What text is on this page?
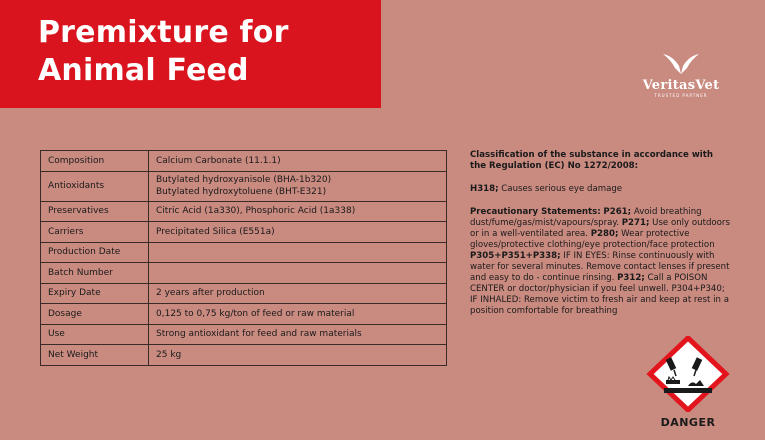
Premixture for
Animal Feed	VeritasVet
TRUSTED PARTNER
Composition	Calcium Carbonate (11.1.1)
Antioxidants	Butylated hydroxyanisole (BHA-1b320)
Butylated hydroxytoluene (BHT-E321)

Preservatives	Citric Acid (1a330), Phosphoric Acid (1a338)
Carriers	Precipitated Silica (E551a)
Production Date	
Batch Number	
Expiry Date	2 years after production
Dosage	0,125 to 0,75 kg/ton of feed or raw material
Use	Strong antioxidant for feed and raw materials
Net Weight	25 kg
Classification of the substance in accordance with the Regulation (EC) No 1272/2008:
H318; Causes serious eye damage
Precautionary Statements: P261; Avoid breathing dust/fume/gas/mist/vapours/spray. P271; Use only outdoors or in a well-ventilated area. P280; Wear protective gloves/protective clothing/eye protection/face protection P305+P351+P338; IF IN EYES: Rinse continuously with water for several minutes. Remove contact lenses if present and easy to do - continue rinsing. P312; Call a POISON CENTER or doctor/physician if you feel unwell. P304+P340; IF INHALED: Remove victim to fresh air and keep at rest in a position comfortable for breathing
DANGER
